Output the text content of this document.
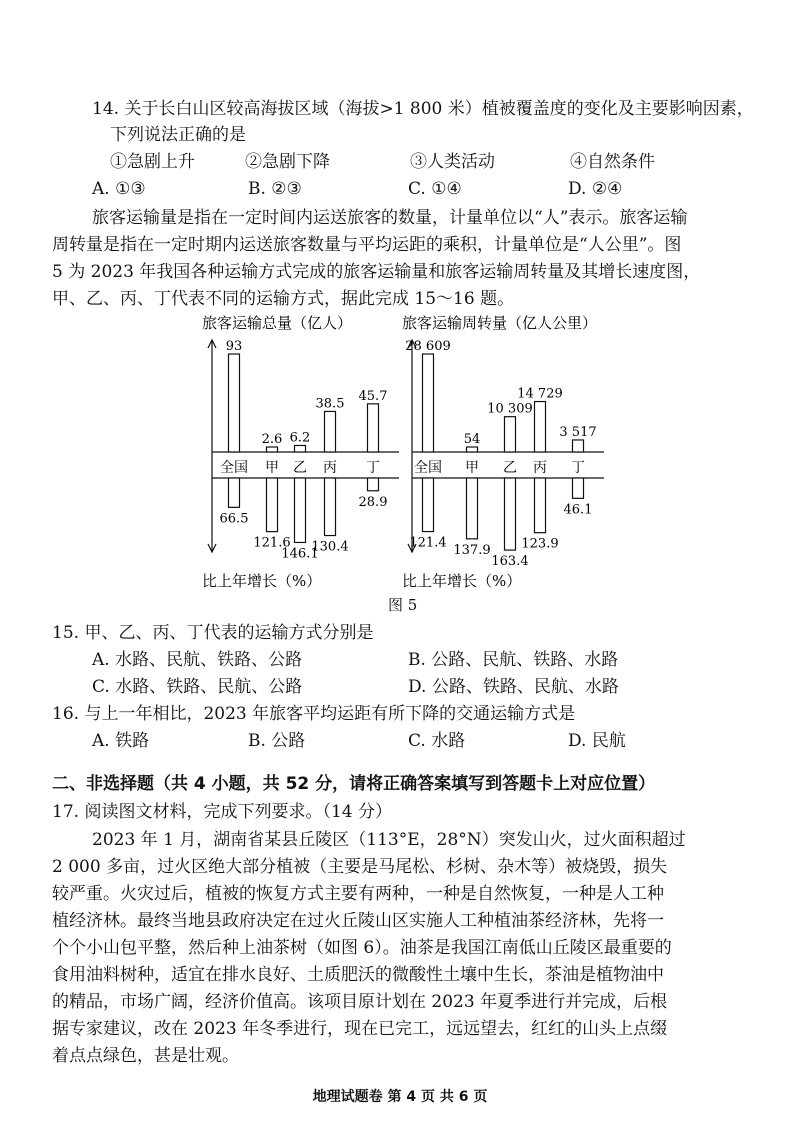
14. 关于长白山区较高海拔区域（海拔>1 800 米）植被覆盖度的变化及主要影响因素，
下列说法正确的是
①急剧上升	②急剧下降	③人类活动	④自然条件
A. ①③	B. ②③	C. ①④	D. ②④
旅客运输量是指在一定时间内运送旅客的数量，计量单位以“人”表示。旅客运输
周转量是指在一定时期内运送旅客数量与平均运距的乘积，计量单位是“人公里”。图
5 为 2023 年我国各种运输方式完成的旅客运输量和旅客运输周转量及其增长速度图，
甲、乙、丙、丁代表不同的运输方式，据此完成 15～16 题。
旅客运输总量（亿人）
全国
93
66.5
甲
2.6
121.6
乙
6.2
146.1
丙
38.5
130.4
丁
45.7
28.9
比上年增长（%）
旅客运输周转量（亿人公里）
全国
28 609
121.4
甲
54
137.9
乙
10 309
163.4
丙
14 729
123.9
丁
3 517
46.1
比上年增长（%）
图 5
15. 甲、乙、丙、丁代表的运输方式分别是
A. 水路、民航、铁路、公路	B. 公路、民航、铁路、水路
C. 水路、铁路、民航、公路	D. 公路、铁路、民航、水路
16. 与上一年相比，2023 年旅客平均运距有所下降的交通运输方式是
A. 铁路	B. 公路	C. 水路	D. 民航
二、非选择题（共 4 小题，共 52 分，请将正确答案填写到答题卡上对应位置）
17. 阅读图文材料，完成下列要求。（14 分）
2023 年 1 月，湖南省某县丘陵区（113°E，28°N）突发山火，过火面积超过
2 000 多亩，过火区绝大部分植被（主要是马尾松、杉树、杂木等）被烧毁，损失
较严重。火灾过后，植被的恢复方式主要有两种，一种是自然恢复，一种是人工种
植经济林。最终当地县政府决定在过火丘陵山区实施人工种植油茶经济林，先将一
个个小山包平整，然后种上油茶树（如图 6）。油茶是我国江南低山丘陵区最重要的
食用油料树种，适宜在排水良好、土质肥沃的微酸性土壤中生长，茶油是植物油中
的精品，市场广阔，经济价值高。该项目原计划在 2023 年夏季进行并完成，后根
据专家建议，改在 2023 年冬季进行，现在已完工，远远望去，红红的山头上点缀
着点点绿色，甚是壮观。
地理试题卷 第 4 页 共 6 页
